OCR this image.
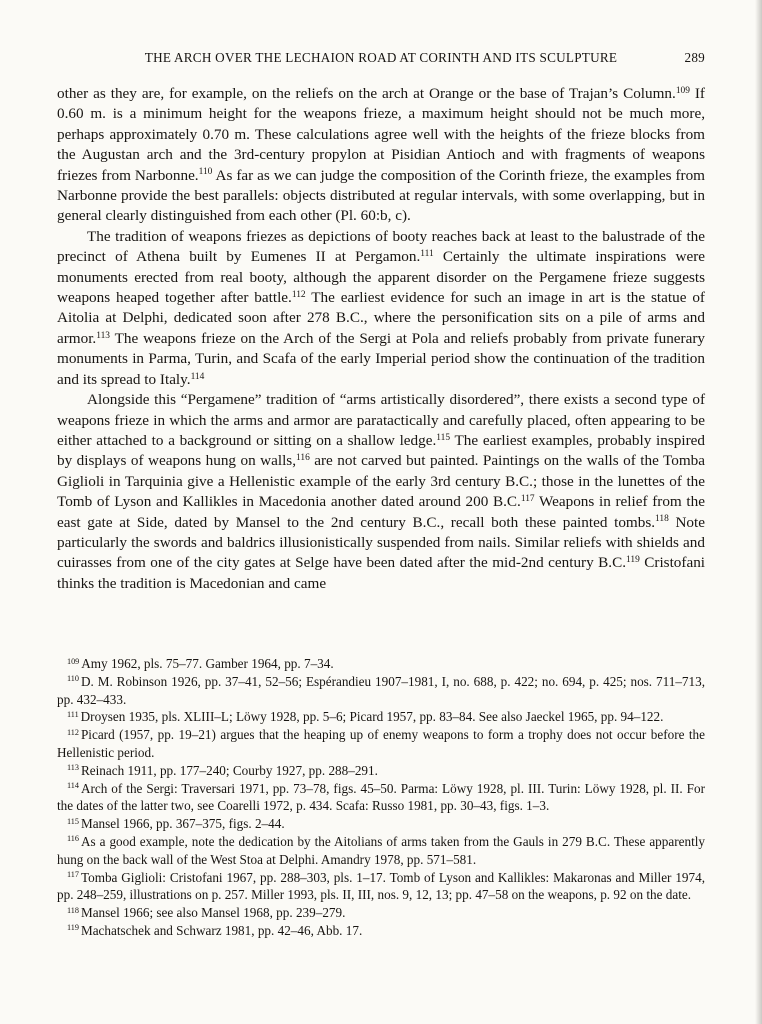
THE ARCH OVER THE LECHAION ROAD AT CORINTH AND ITS SCULPTURE	289

other as they are, for example, on the reliefs on the arch at Orange or the base of Trajan’s Column.$^{109}$ If 0.60 m. is a minimum height for the weapons frieze, a maximum height should not be much more, perhaps approximately 0.70 m. These calculations agree well with the heights of the frieze blocks from the Augustan arch and the 3rd-century propylon at Pisidian Antioch and with fragments of weapons friezes from Narbonne.$^{110}$ As far as we can judge the composition of the Corinth frieze, the examples from Narbonne provide the best parallels: objects distributed at regular intervals, with some overlapping, but in general clearly distinguished from each other (Pl. 60:b, c).

The tradition of weapons friezes as depictions of booty reaches back at least to the balustrade of the precinct of Athena built by Eumenes II at Pergamon.$^{111}$ Certainly the ultimate inspirations were monuments erected from real booty, although the apparent disorder on the Pergamene frieze suggests weapons heaped together after battle.$^{112}$ The earliest evidence for such an image in art is the statue of Aitolia at Delphi, dedicated soon after 278 B.C., where the personification sits on a pile of arms and armor.$^{113}$ The weapons frieze on the Arch of the Sergi at Pola and reliefs probably from private funerary monuments in Parma, Turin, and Scafa of the early Imperial period show the continuation of the tradition and its spread to Italy.$^{114}$

Alongside this “Pergamene” tradition of “arms artistically disordered”, there exists a second type of weapons frieze in which the arms and armor are paratactically and carefully placed, often appearing to be either attached to a background or sitting on a shallow ledge.$^{115}$ The earliest examples, probably inspired by displays of weapons hung on walls,$^{116}$ are not carved but painted. Paintings on the walls of the Tomba Giglioli in Tarquinia give a Hellenistic example of the early 3rd century B.C.; those in the lunettes of the Tomb of Lyson and Kallikles in Macedonia another dated around 200 B.C.$^{117}$ Weapons in relief from the east gate at Side, dated by Mansel to the 2nd century B.C., recall both these painted tombs.$^{118}$ Note particularly the swords and baldrics illusionistically suspended from nails. Similar reliefs with shields and cuirasses from one of the city gates at Selge have been dated after the mid-2nd century B.C.$^{119}$ Cristofani thinks the tradition is Macedonian and came

$^{109}$ Amy 1962, pls. 75–77. Gamber 1964, pp. 7–34.

$^{110}$ D. M. Robinson 1926, pp. 37–41, 52–56; Espérandieu 1907–1981, I, no. 688, p. 422; no. 694, p. 425; nos. 711–713, pp. 432–433.

$^{111}$ Droysen 1935, pls. XLIII–L; Löwy 1928, pp. 5–6; Picard 1957, pp. 83–84. See also Jaeckel 1965, pp. 94–122.

$^{112}$ Picard (1957, pp. 19–21) argues that the heaping up of enemy weapons to form a trophy does not occur before the Hellenistic period.

$^{113}$ Reinach 1911, pp. 177–240; Courby 1927, pp. 288–291.

$^{114}$ Arch of the Sergi: Traversari 1971, pp. 73–78, figs. 45–50. Parma: Löwy 1928, pl. III. Turin: Löwy 1928, pl. II. For the dates of the latter two, see Coarelli 1972, p. 434. Scafa: Russo 1981, pp. 30–43, figs. 1–3.

$^{115}$ Mansel 1966, pp. 367–375, figs. 2–44.

$^{116}$ As a good example, note the dedication by the Aitolians of arms taken from the Gauls in 279 B.C. These apparently hung on the back wall of the West Stoa at Delphi. Amandry 1978, pp. 571–581.

$^{117}$ Tomba Giglioli: Cristofani 1967, pp. 288–303, pls. 1–17. Tomb of Lyson and Kallikles: Makaronas and Miller 1974, pp. 248–259, illustrations on p. 257. Miller 1993, pls. II, III, nos. 9, 12, 13; pp. 47–58 on the weapons, p. 92 on the date.

$^{118}$ Mansel 1966; see also Mansel 1968, pp. 239–279.

$^{119}$ Machatschek and Schwarz 1981, pp. 42–46, Abb. 17.
